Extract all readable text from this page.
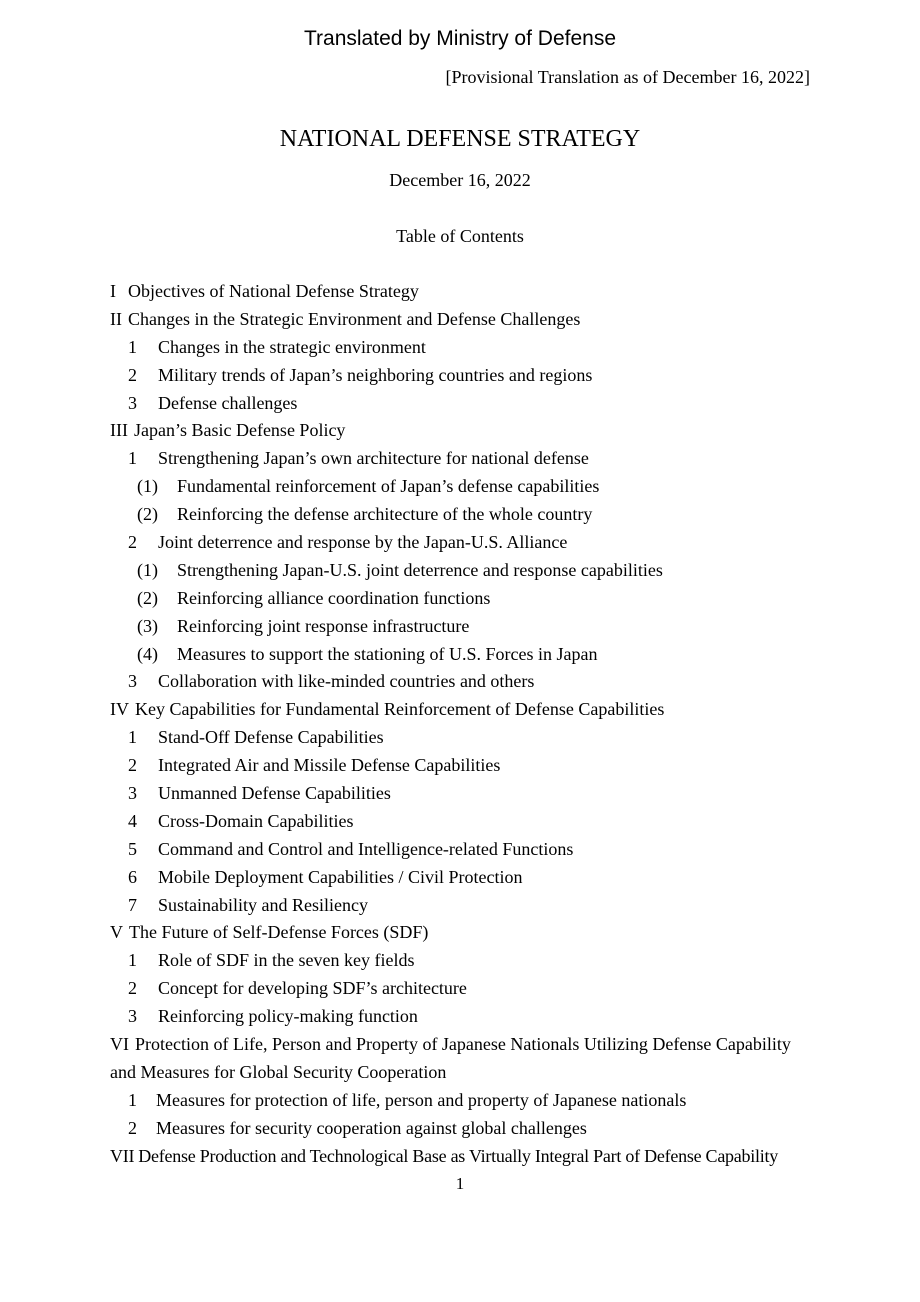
Translated by Ministry of Defense
[Provisional Translation as of December 16, 2022]
NATIONAL DEFENSE STRATEGY
December 16, 2022
Table of Contents
I Objectives of National Defense Strategy
II Changes in the Strategic Environment and Defense Challenges
1	Changes in the strategic environment
2	Military trends of Japan’s neighboring countries and regions
3	Defense challenges
III Japan’s Basic Defense Policy
1	Strengthening Japan’s own architecture for national defense
(1)	Fundamental reinforcement of Japan’s defense capabilities
(2)	Reinforcing the defense architecture of the whole country
2	Joint deterrence and response by the Japan-U.S. Alliance
(1)	Strengthening Japan-U.S. joint deterrence and response capabilities
(2)	Reinforcing alliance coordination functions
(3)	Reinforcing joint response infrastructure
(4)	Measures to support the stationing of U.S. Forces in Japan
3	Collaboration with like-minded countries and others
IV Key Capabilities for Fundamental Reinforcement of Defense Capabilities
1	Stand-Off Defense Capabilities
2	Integrated Air and Missile Defense Capabilities
3	Unmanned Defense Capabilities
4	Cross-Domain Capabilities
5	Command and Control and Intelligence-related Functions
6	Mobile Deployment Capabilities / Civil Protection
7	Sustainability and Resiliency
V The Future of Self-Defense Forces (SDF)
1	Role of SDF in the seven key fields
2	Concept for developing SDF’s architecture
3	Reinforcing policy-making function
VI Protection of Life, Person and Property of Japanese Nationals Utilizing Defense Capability
and Measures for Global Security Cooperation
1	Measures for protection of life, person and property of Japanese nationals
2	Measures for security cooperation against global challenges
VII Defense Production and Technological Base as Virtually Integral Part of Defense Capability
1
